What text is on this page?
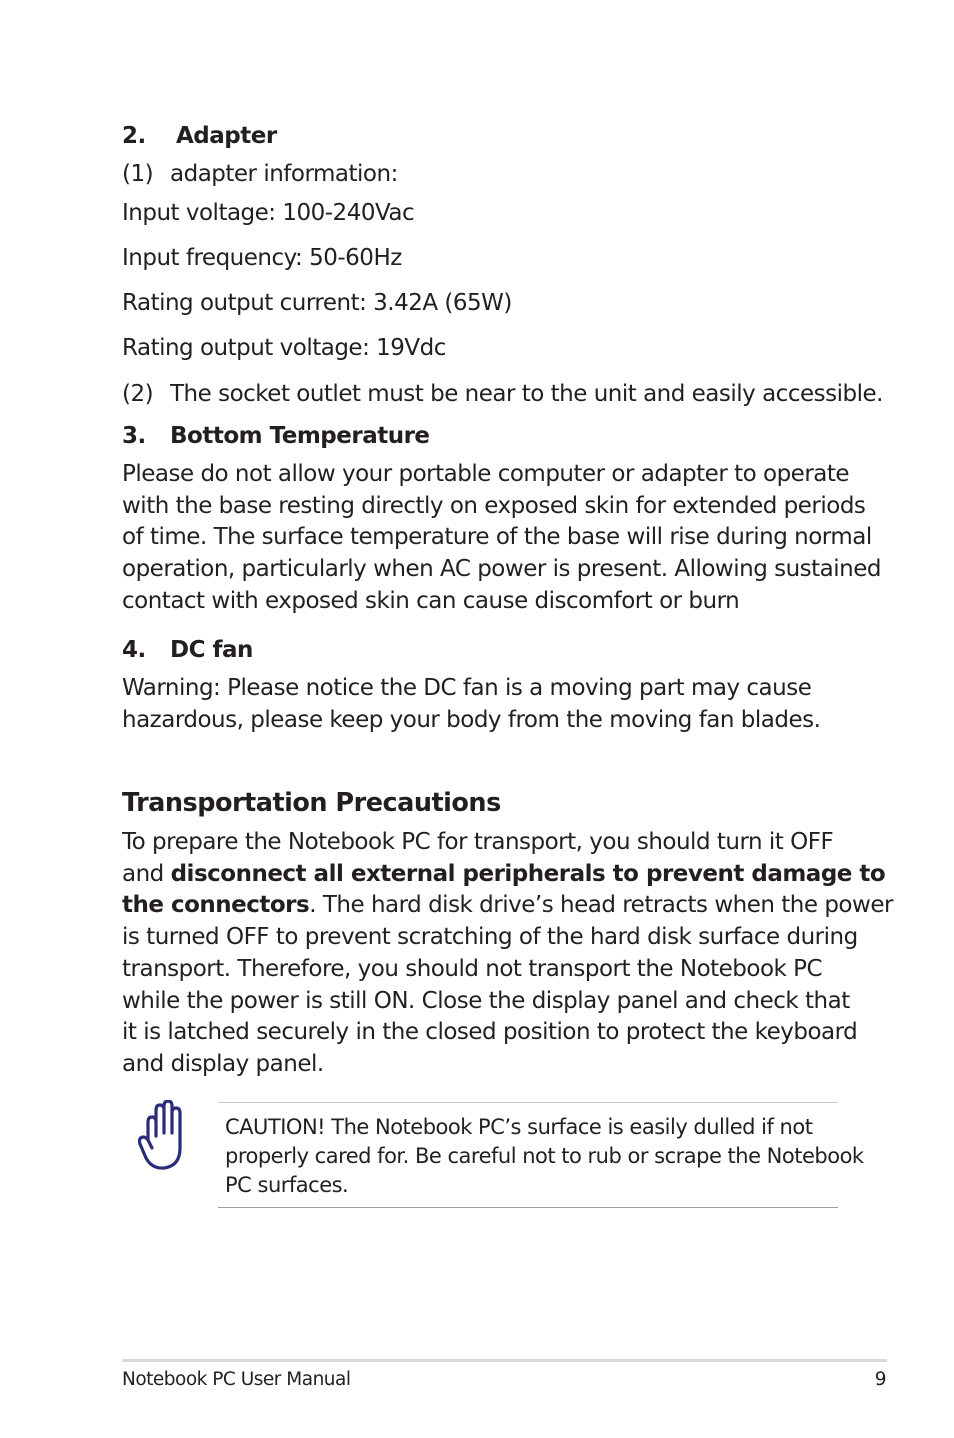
2. Adapter
(1) adapter information:
Input voltage: 100-240Vac
Input frequency: 50-60Hz
Rating output current: 3.42A (65W)
Rating output voltage: 19Vdc
(2) The socket outlet must be near to the unit and easily accessible.
3. Bottom Temperature
Please do not allow your portable computer or adapter to operate
with the base resting directly on exposed skin for extended periods
of time. The surface temperature of the base will rise during normal
operation, particularly when AC power is present. Allowing sustained
contact with exposed skin can cause discomfort or burn
4. DC fan
Warning: Please notice the DC fan is a moving part may cause
hazardous, please keep your body from the moving fan blades.
Transportation Precautions
To prepare the Notebook PC for transport, you should turn it OFF
and disconnect all external peripherals to prevent damage to
the connectors. The hard disk drive’s head retracts when the power
is turned OFF to prevent scratching of the hard disk surface during
transport. Therefore, you should not transport the Notebook PC
while the power is still ON. Close the display panel and check that
it is latched securely in the closed position to protect the keyboard
and display panel.
CAUTION! The Notebook PC’s surface is easily dulled if not
properly cared for. Be careful not to rub or scrape the Notebook
PC surfaces.
Notebook PC User Manual	9
